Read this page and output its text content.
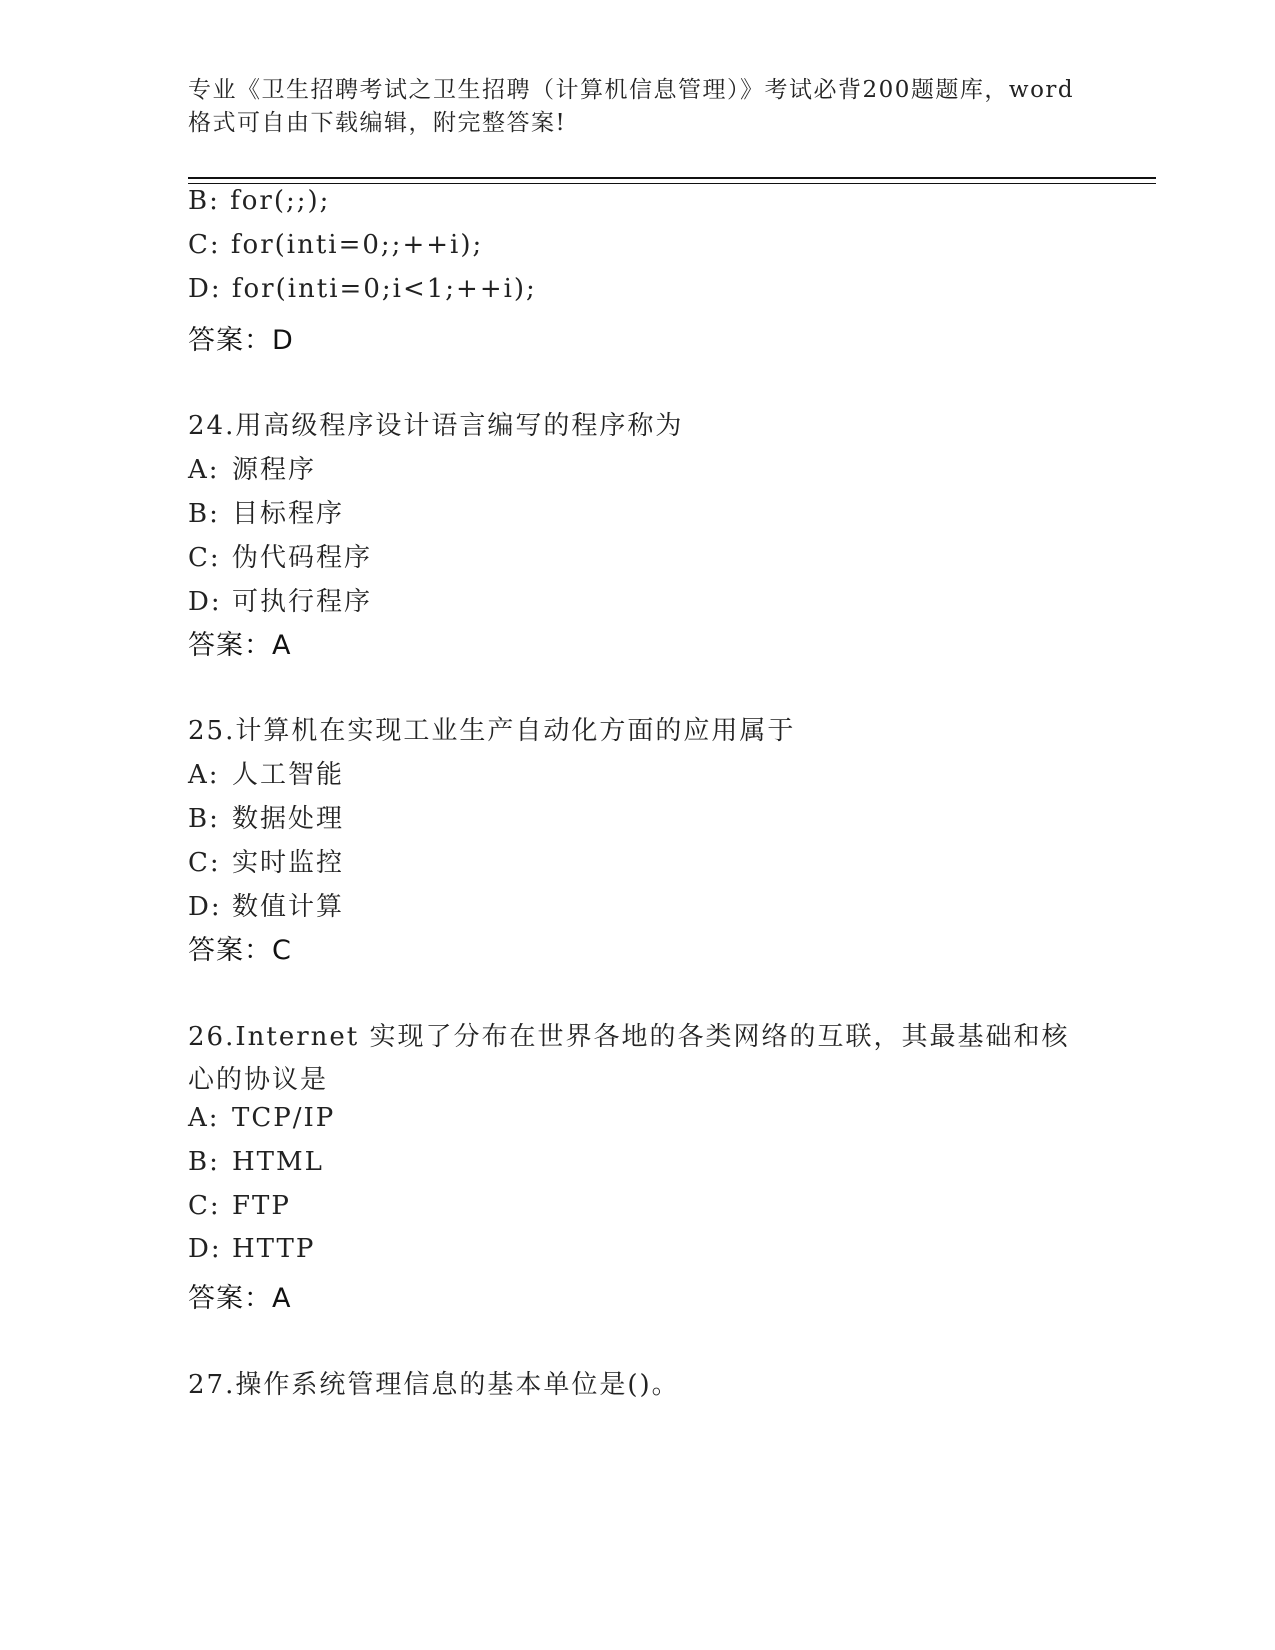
专业《卫生招聘考试之卫生招聘（计算机信息管理）》考试必背200题题库，word
格式可自由下载编辑，附完整答案!
B: for(;;);
C: for(inti=0;;++i);
D: for(inti=0;i<1;++i);
答案：D
24.用高级程序设计语言编写的程序称为
A: 源程序
B: 目标程序
C: 伪代码程序
D: 可执行程序
答案：A
25.计算机在实现工业生产自动化方面的应用属于
A: 人工智能
B: 数据处理
C: 实时监控
D: 数值计算
答案：C
26.Internet 实现了分布在世界各地的各类网络的互联，其最基础和核
心的协议是
A: TCP/IP
B: HTML
C: FTP
D: HTTP
答案：A
27.操作系统管理信息的基本单位是()。
